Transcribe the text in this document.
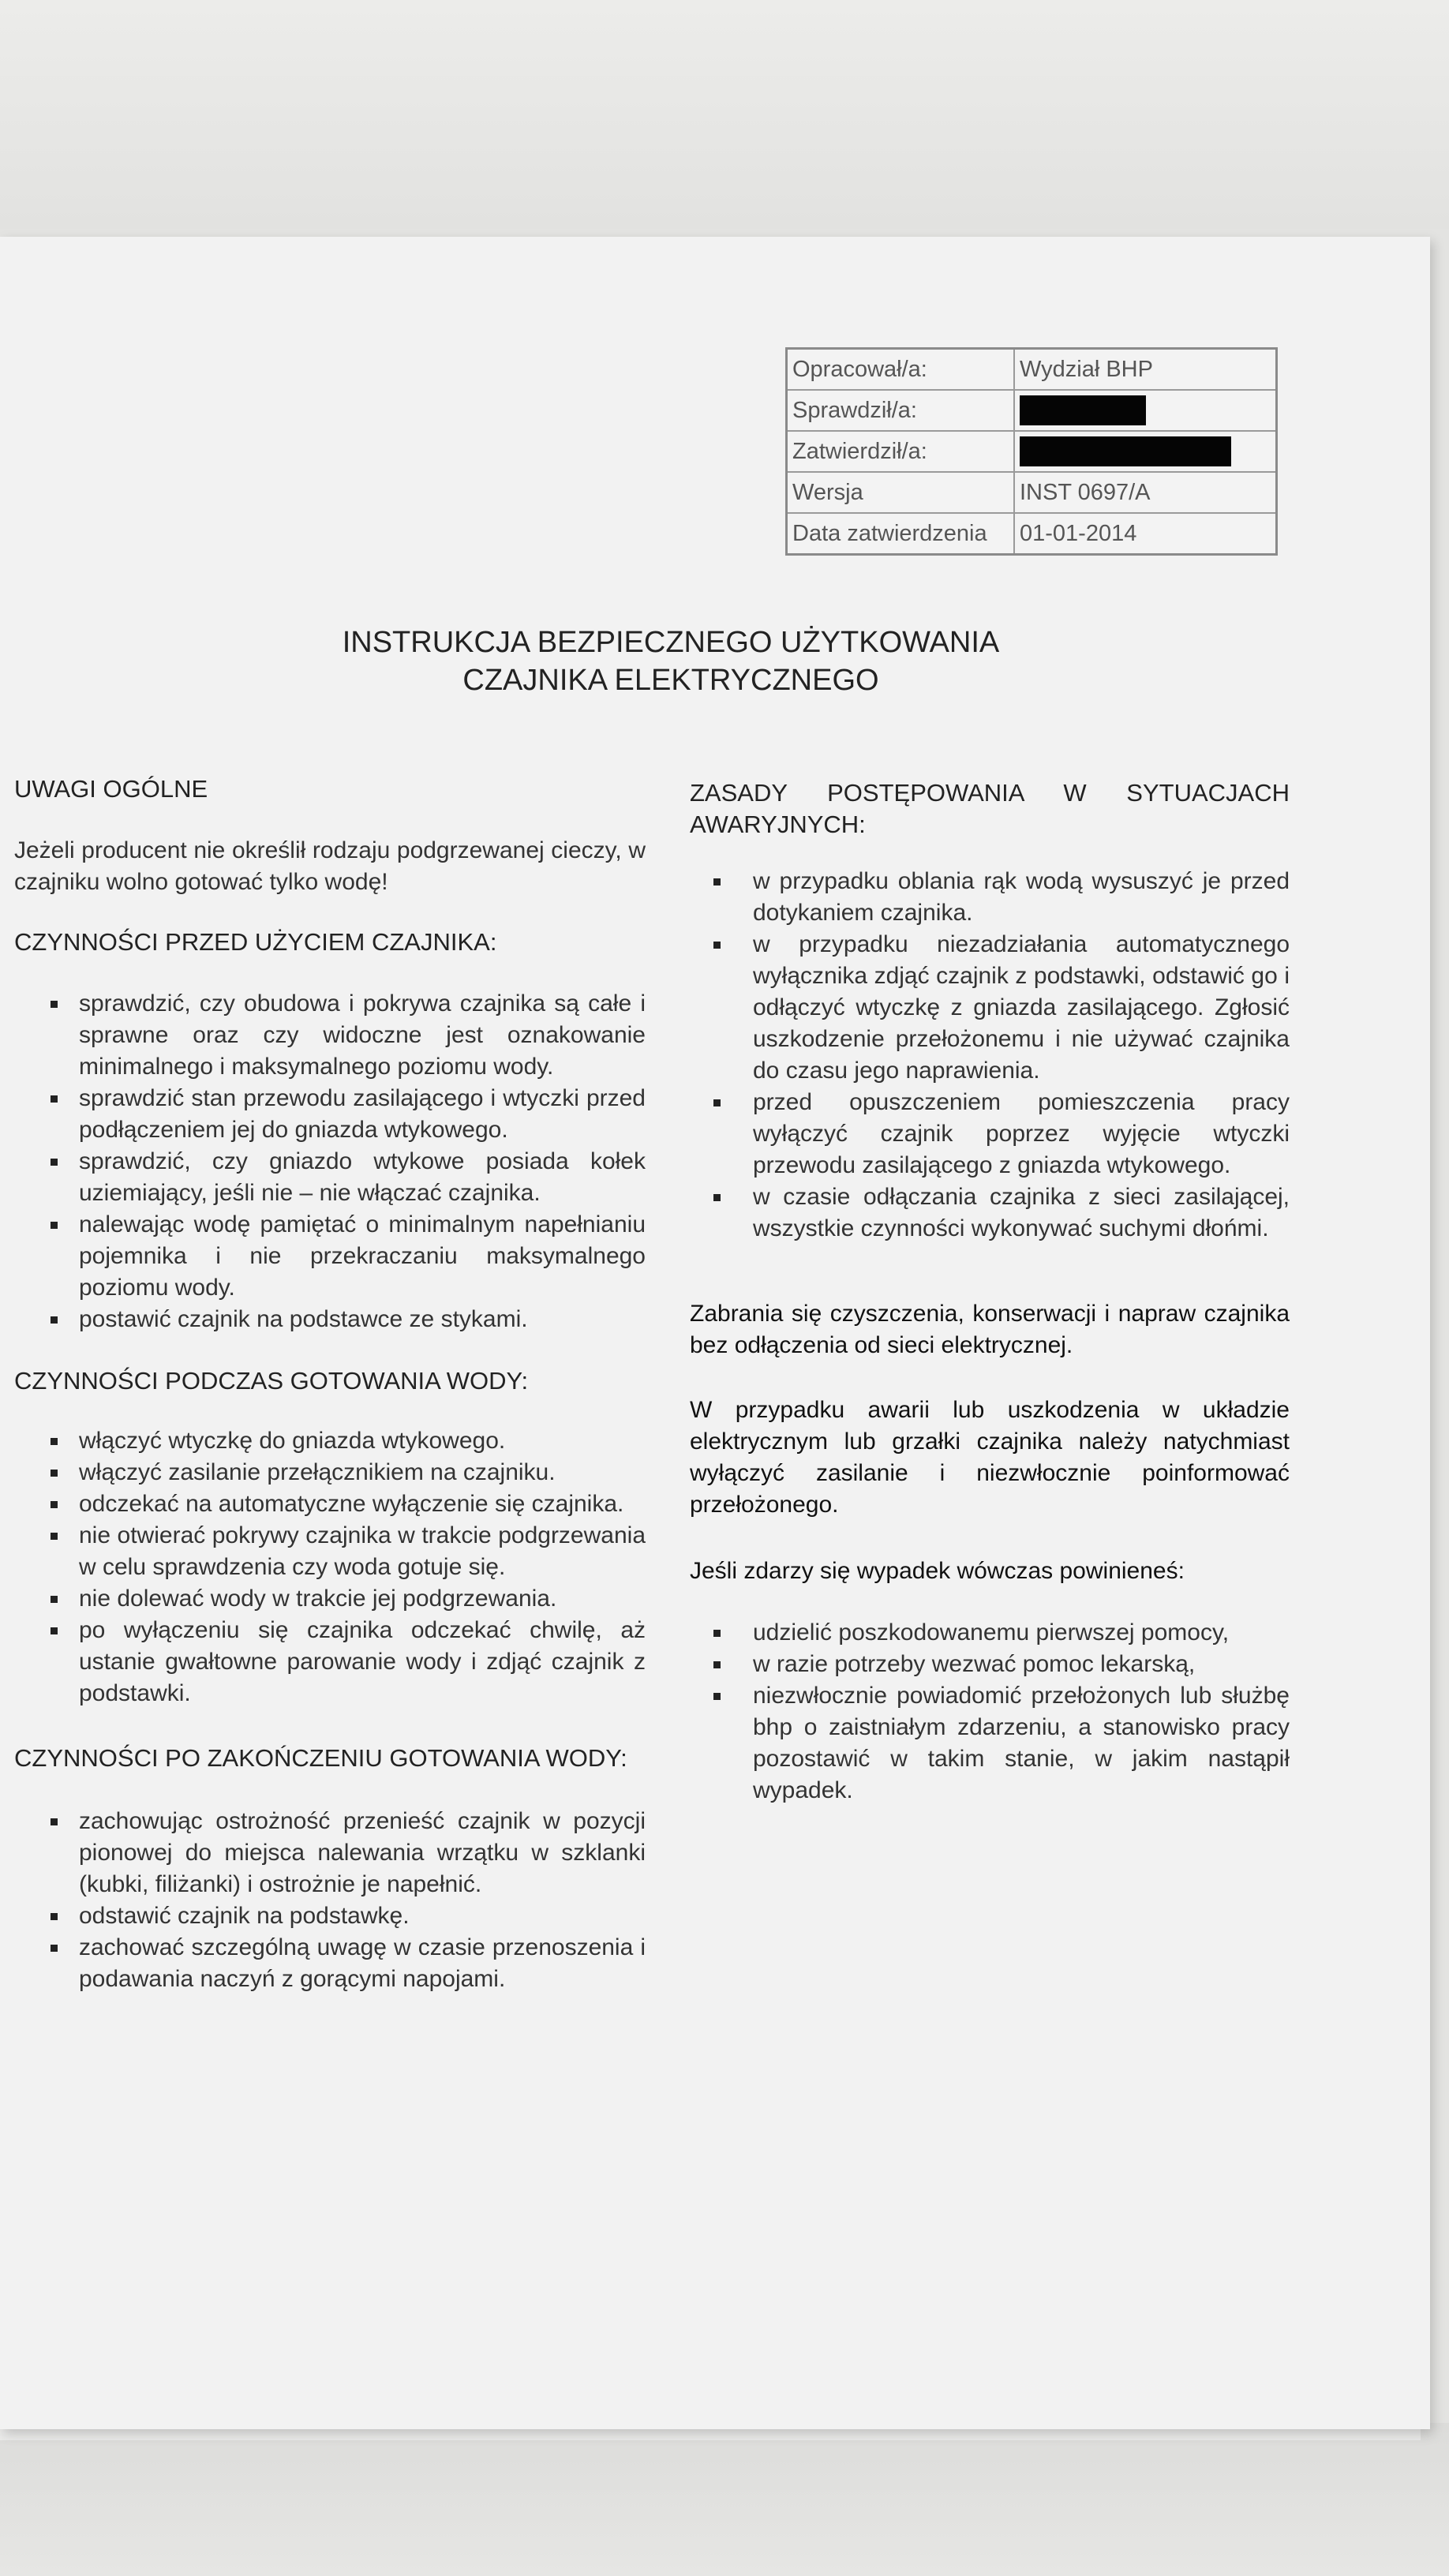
Opracował/a:	Wydział BHP
Sprawdził/a:	
Zatwierdził/a:	
Wersja	INST 0697/A
Data zatwierdzenia	01-01-2014
INSTRUKCJA BEZPIECZNEGO UŻYTKOWANIA
CZAJNIKA ELEKTRYCZNEGO

UWAGI OGÓLNE

Jeżeli producent nie określił rodzaju podgrzewanej cieczy, w czajniku wolno gotować tylko wodę!

CZYNNOŚCI PRZED UŻYCIEM CZAJNIKA:

sprawdzić, czy obudowa i pokrywa czajnika są całe i sprawne oraz czy widoczne jest oznakowanie minimalnego i maksymalnego poziomu wody.
sprawdzić stan przewodu zasilającego i wtyczki przed podłączeniem jej do gniazda wtykowego.
sprawdzić, czy gniazdo wtykowe posiada kołek uziemiający, jeśli nie – nie włączać czajnika.
nalewając wodę pamiętać o minimalnym napełnianiu pojemnika i nie przekraczaniu maksymalnego poziomu wody.
postawić czajnik na podstawce ze stykami.

CZYNNOŚCI PODCZAS GOTOWANIA WODY:

włączyć wtyczkę do gniazda wtykowego.
włączyć zasilanie przełącznikiem na czajniku.
odczekać na automatyczne wyłączenie się czajnika.
nie otwierać pokrywy czajnika w trakcie podgrzewania w celu sprawdzenia czy woda gotuje się.
nie dolewać wody w trakcie jej podgrzewania.
po wyłączeniu się czajnika odczekać chwilę, aż ustanie gwałtowne parowanie wody i zdjąć czajnik z podstawki.

CZYNNOŚCI PO ZAKOŃCZENIU GOTOWANIA WODY:

zachowując ostrożność przenieść czajnik w pozycji pionowej do miejsca nalewania wrzątku w szklanki (kubki, filiżanki) i ostrożnie je napełnić.
odstawić czajnik na podstawkę.
zachować szczególną uwagę w czasie przenoszenia i podawania naczyń z gorącymi napojami.

ZASADY POSTĘPOWANIA W SYTUACJACH AWARYJNYCH:

w przypadku oblania rąk wodą wysuszyć je przed dotykaniem czajnika.
w przypadku niezadziałania automatycznego wyłącznika zdjąć czajnik z podstawki, odstawić go i odłączyć wtyczkę z gniazda zasilającego. Zgłosić uszkodzenie przełożonemu i nie używać czajnika do czasu jego naprawienia.
przed opuszczeniem pomieszczenia pracy wyłączyć czajnik poprzez wyjęcie wtyczki przewodu zasilającego z gniazda wtykowego.
w czasie odłączania czajnika z sieci zasilającej, wszystkie czynności wykonywać suchymi dłońmi.

Zabrania się czyszczenia, konserwacji i napraw czajnika bez odłączenia od sieci elektrycznej.

W przypadku awarii lub uszkodzenia w układzie elektrycznym lub grzałki czajnika należy natychmiast wyłączyć zasilanie i niezwłocznie poinformować przełożonego.

Jeśli zdarzy się wypadek wówczas powinieneś:

udzielić poszkodowanemu pierwszej pomocy,
w razie potrzeby wezwać pomoc lekarską,
niezwłocznie powiadomić przełożonych lub służbę bhp o zaistniałym zdarzeniu, a stanowisko pracy pozostawić w takim stanie, w jakim nastąpił wypadek.
